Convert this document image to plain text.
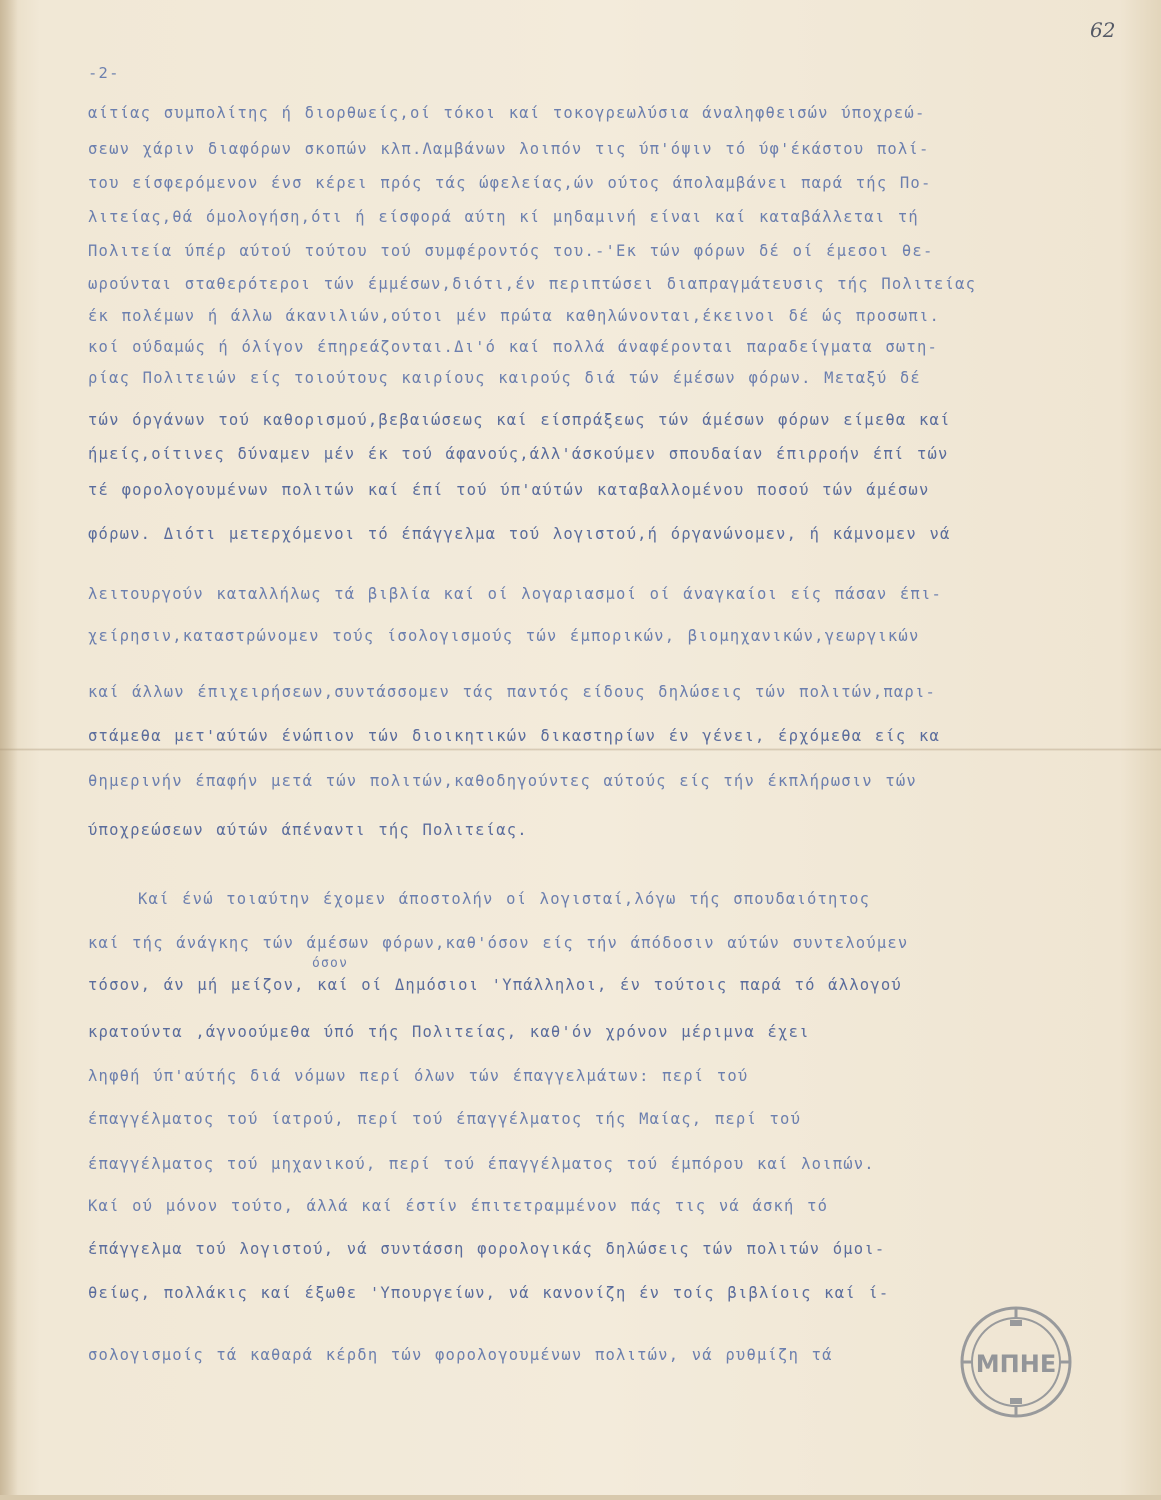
62
-2-
αίτίας συμπολίτης ή διορθωείς,οί τόκοι καί τοκογρεωλύσια άναληφθεισών ύποχρεώ-
σεων χάριν διαφόρων σκοπών κλπ.Λαμβάνων λοιπόν τις ύπ'όψιν τό ύφ'έκάστου πολί-
του είσφερόμενον ένσ κέρει πρός τάς ώφελείας,ών ούτος άπολαμβάνει παρά τής Πο-
λιτείας,θά όμολογήση,ότι ή είσφορά αύτη κί μηδαμινή είναι καί καταβάλλεται τή
Πολιτεία ύπέρ αύτού τούτου τού συμφέροντός του.-'Εκ τών φόρων δέ οί έμεσοι θε-
ωρούνται σταθερότεροι τών έμμέσων,διότι,έν περιπτώσει διαπραγμάτευσις τής Πολιτείας
έκ πολέμων ή άλλω άκανιλιών,ούτοι μέν πρώτα καθηλώνονται,έκεινοι δέ ώς προσωπι.
κοί ούδαμώς ή όλίγον έπηρεάζονται.Δι'ό καί πολλά άναφέρονται παραδείγματα σωτη-
ρίας Πολιτειών είς τοιούτους καιρίους καιρούς διά τών έμέσων φόρων. Μεταξύ δέ
τών όργάνων τού καθορισμού,βεβαιώσεως καί είσπράξεως τών άμέσων φόρων είμεθα καί
ήμείς,οίτινες δύναμεν μέν έκ τού άφανούς,άλλ'άσκούμεν σπουδαίαν έπιρροήν έπί τών
τέ φορολογουμένων πολιτών καί έπί τού ύπ'αύτών καταβαλλομένου ποσού τών άμέσων
φόρων. Διότι μετερχόμενοι τό έπάγγελμα τού λογιστού,ή όργανώνομεν, ή κάμνομεν νά
λειτουργούν καταλλήλως τά βιβλία καί οί λογαριασμοί οί άναγκαίοι είς πάσαν έπι-
χείρησιν,καταστρώνομεν τούς ίσολογισμούς τών έμπορικών, βιομηχανικών,γεωργικών
καί άλλων έπιχειρήσεων,συντάσσομεν τάς παντός είδους δηλώσεις τών πολιτών,παρι-
στάμεθα μετ'αύτών ένώπιον τών διοικητικών δικαστηρίων έν γένει, έρχόμεθα είς κα
θημερινήν έπαφήν μετά τών πολιτών,καθοδηγούντες αύτούς είς τήν έκπλήρωσιν τών
ύποχρεώσεων αύτών άπέναντι τής Πολιτείας.
Καί ένώ τοιαύτην έχομεν άποστολήν οί λογισταί,λόγω τής σπουδαιότητος
καί τής άνάγκης τών άμέσων φόρων,καθ'όσον είς τήν άπόδοσιν αύτών συντελούμεν
όσον
τόσον, άν μή μείζον, καί οί Δημόσιοι 'Υπάλληλοι, έν τούτοις παρά τό άλλογού
κρατούντα ,άγνοούμεθα ύπό τής Πολιτείας, καθ'όν χρόνον μέριμνα έχει
ληφθή ύπ'αύτής διά νόμων περί όλων τών έπαγγελμάτων: περί τού
έπαγγέλματος τού ίατρού, περί τού έπαγγέλματος τής Μαίας, περί τού
έπαγγέλματος τού μηχανικού, περί τού έπαγγέλματος τού έμπόρου καί λοιπών.
Καί ού μόνον τούτο, άλλά καί έστίν έπιτετραμμένον πάς τις νά άσκή τό
έπάγγελμα τού λογιστού, νά συντάσση φορολογικάς δηλώσεις τών πολιτών όμοι-
θείως, πολλάκις καί έξωθε 'Υπουργείων, νά κανονίζη έν τοίς βιβλίοις καί ί-
σολογισμοίς τά καθαρά κέρδη τών φορολογουμένων πολιτών, νά ρυθμίζη τά	ΜΠΗΕ
